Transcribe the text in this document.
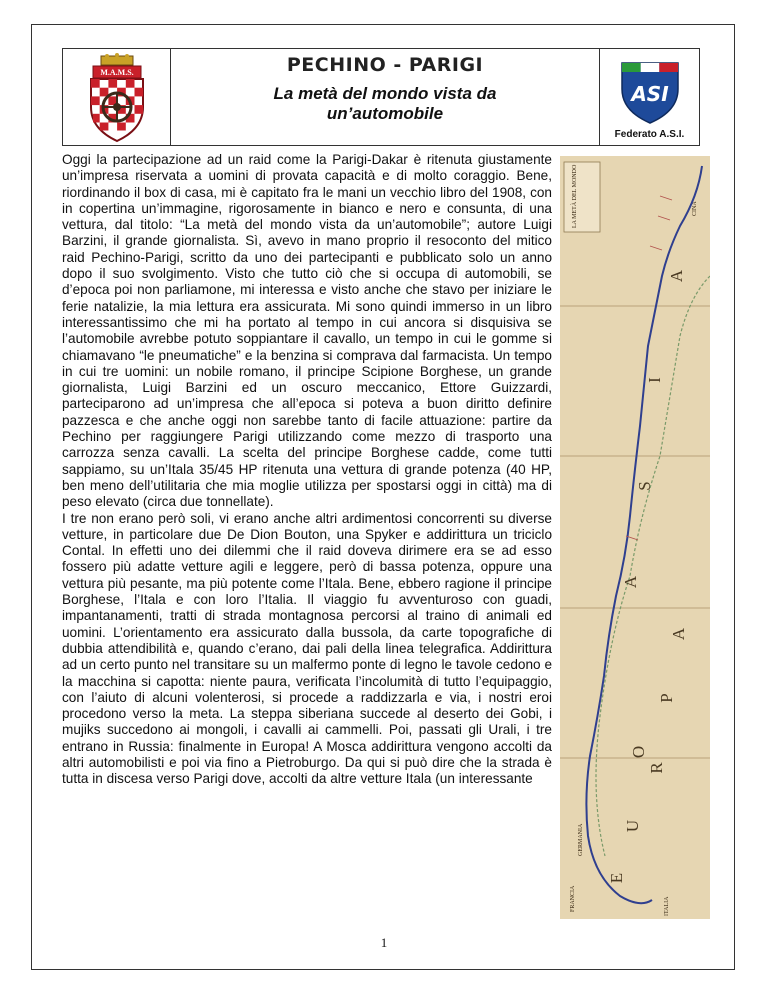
M.A.M.S.	PECHINO - PARIGI
La metà del mondo vista da
un’automobile
ASI
Federato A.S.I.
Oggi la partecipazione ad un raid come la Parigi-Dakar è ritenuta giustamente un’impresa riservata a uomini di provata capacità e di molto coraggio. Bene, riordinando il box di casa, mi è capitato fra le mani un vecchio libro del 1908, con in copertina un’immagine, rigorosamente in bianco e nero e consunta, di una vettura, dal titolo: “La metà del mondo vista da un’automobile”; autore Luigi Barzini, il grande giornalista. Sì, avevo in mano proprio il resoconto del mitico raid Pechino-Parigi, scritto da uno dei partecipanti e pubblicato solo un anno dopo il suo svolgimento. Visto che tutto ciò che si occupa di automobili, se d’epoca poi non parliamone, mi interessa e visto anche che stavo per iniziare le ferie natalizie, la mia lettura era assicurata. Mi sono quindi immerso in un libro interessantissimo che mi ha portato al tempo in cui ancora si disquisiva se l’automobile avrebbe potuto soppiantare il cavallo, un tempo in cui le gomme si chiamavano “le pneumatiche” e la benzina si comprava dal farmacista. Un tempo in cui tre uomini: un nobile romano, il principe Scipione Borghese, un grande giornalista, Luigi Barzini ed un oscuro meccanico, Ettore Guizzardi, parteciparono ad un’impresa che all’epoca si poteva a buon diritto definire pazzesca e che anche oggi non sarebbe tanto di facile attuazione: partire da Pechino per raggiungere Parigi utilizzando come mezzo di trasporto una carrozza senza cavalli. La scelta del principe Borghese cadde, come tutti sappiamo, su un’Itala 35/45 HP ritenuta una vettura di grande potenza (40 HP, ben meno dell’utilitaria che mia moglie utilizza per spostarsi oggi in città) ma di peso elevato (circa due tonnellate).
I tre non erano però soli, vi erano anche altri ardimentosi concorrenti su diverse vetture, in particolare due De Dion Bouton, una Spyker e addirittura un triciclo Contal. In effetti uno dei dilemmi che il raid doveva dirimere era se ad esso fossero più adatte vetture agili e leggere, però di bassa potenza, oppure una vettura più pesante, ma più potente come l’Itala. Bene, ebbero ragione il principe Borghese, l’Itala e con loro l’Italia. Il viaggio fu avventuroso con guadi, impantanamenti, tratti di strada montagnosa percorsi al traino di animali ed uomini. L’orientamento era assicurato dalla bussola, da carte topografiche di dubbia attendibilità e, quando c’erano, dai pali della linea telegrafica. Addirittura ad un certo punto nel transitare su un malfermo ponte di legno le tavole cedono e la macchina si capotta: niente paura, verificata l’incolumità di tutto l’equipaggio, con l’aiuto di alcuni volenterosi, si procede a raddizzarla e via, i nostri eroi procedono verso la meta. La steppa siberiana succede al deserto dei Gobi, i mujiks succedono ai mongoli, i cavalli ai cammelli. Poi, passati gli Urali, i tre entrano in Russia: finalmente in Europa! A Mosca addirittura vengono accolti da altri automobilisti e poi via fino a Pietroburgo. Da qui si può dire che la strada è tutta in discesa verso Parigi dove, accolti da altre vetture Itala (un interessante
LA METÀ DEL MONDO	CINA
A
I
S
A
A
P
O
R
U
E
GERMANIA
FRANCIA	ITALIA
1
